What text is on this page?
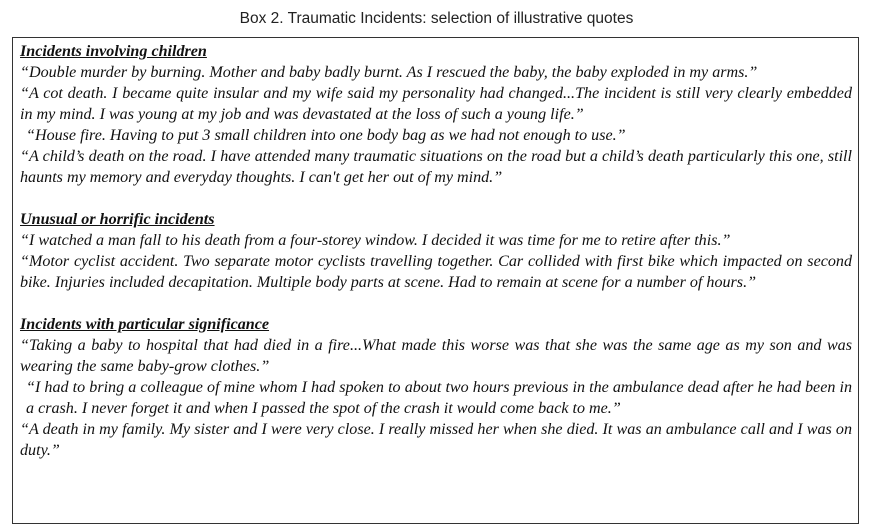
Box 2. Traumatic Incidents: selection of illustrative quotes
Incidents involving children
“Double murder by burning. Mother and baby badly burnt. As I rescued the baby, the baby exploded in my arms.”
“A cot death. I became quite insular and my wife said my personality had changed...The incident is still very clearly embedded in my mind. I was young at my job and was devastated at the loss of such a young life.”
“House fire. Having to put 3 small children into one body bag as we had not enough to use.”
“A child’s death on the road. I have attended many traumatic situations on the road but a child’s death particularly this one, still haunts my memory and everyday thoughts. I can't get her out of my mind.”
Unusual or horrific incidents
“I watched a man fall to his death from a four-storey window. I decided it was time for me to retire after this.”
“Motor cyclist accident. Two separate motor cyclists travelling together. Car collided with first bike which impacted on second bike. Injuries included decapitation. Multiple body parts at scene. Had to remain at scene for a number of hours.”
Incidents with particular significance
“Taking a baby to hospital that had died in a fire...What made this worse was that she was the same age as my son and was wearing the same baby-grow clothes.”
“I had to bring a colleague of mine whom I had spoken to about two hours previous in the ambulance dead after he had been in a crash. I never forget it and when I passed the spot of the crash it would come back to me.”
“A death in my family. My sister and I were very close. I really missed her when she died. It was an ambulance call and I was on duty.”
